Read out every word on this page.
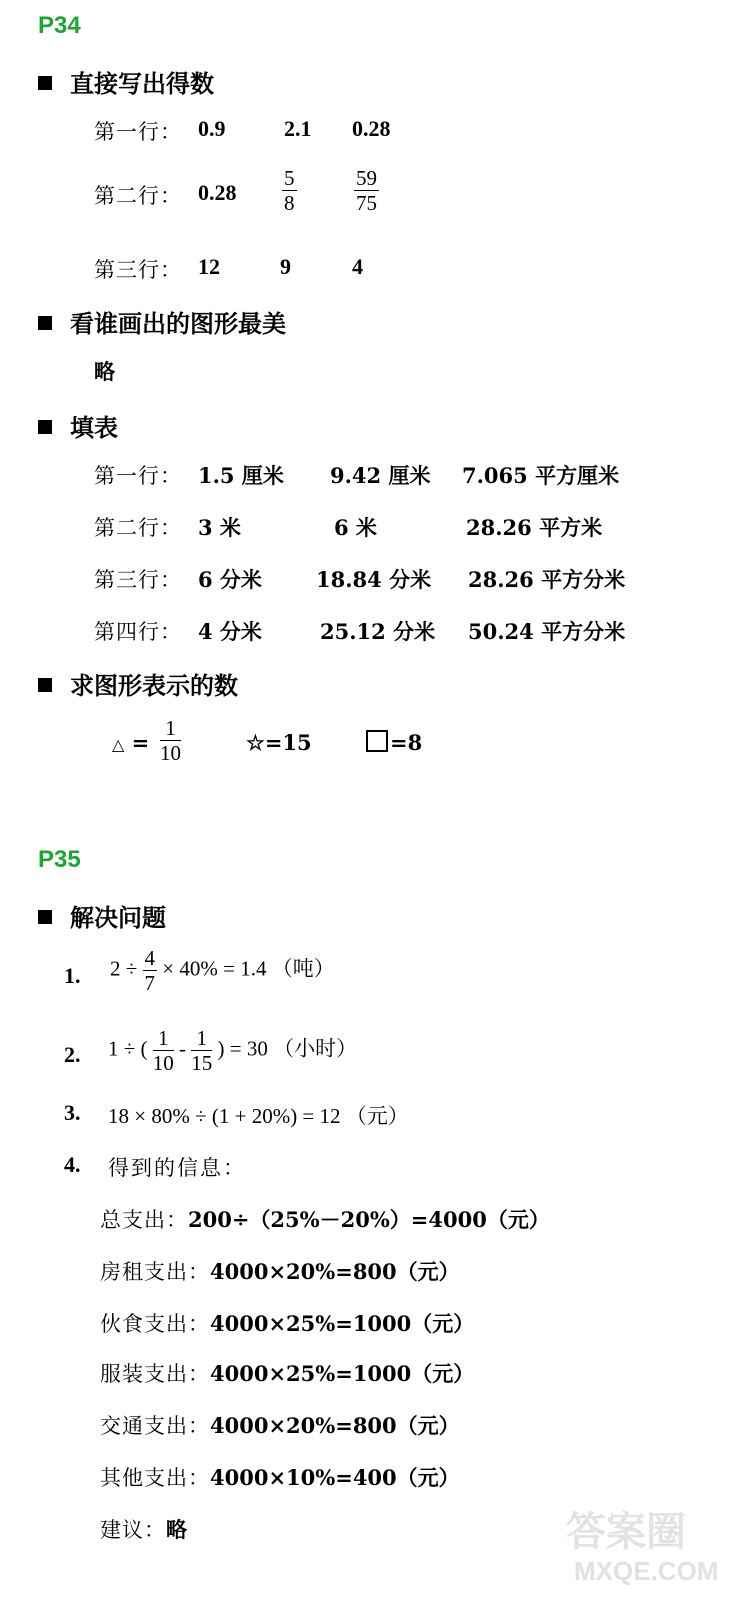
P34
直接写出得数
第一行： 0.9	2.1 0.28
第二行： $0.28 \frac{5}{8}$	$\frac{59}{75}$
第三行： 12	9	4
看谁画出的图形最美
略
填表
第一行： 1.5 厘米 9.42 厘米 7.065 平方厘米
第二行： 3 米	6 米	28.26 平方米
第三行： 6 分米	18.84 分米 28.26 平方分米
第四行： 4 分米	25.12 分米 50.24 平方分米
求图形表示的数
△ = $\frac{1}{10}$	☆=15	=8
P35
解决问题
1. $2 \div \frac{4}{7} \times 40\% = 1.4$ （吨）
2. 1 ÷ ( $\frac{1}{10} - \frac{1}{15}$ ) = 30 （小时）
3. 18 × 80% ÷ (1 + 20%) = 12 （元）
4. 得到的信息：
总支出：200÷（25%－20%）=4000（元）
房租支出：4000×20%=800（元）
伙食支出：4000×25%=1000（元）
服装支出：4000×25%=1000（元）
交通支出：4000×20%=800（元）
其他支出：4000×10%=400（元）
建议：略	答案圈
MXQE.COM
